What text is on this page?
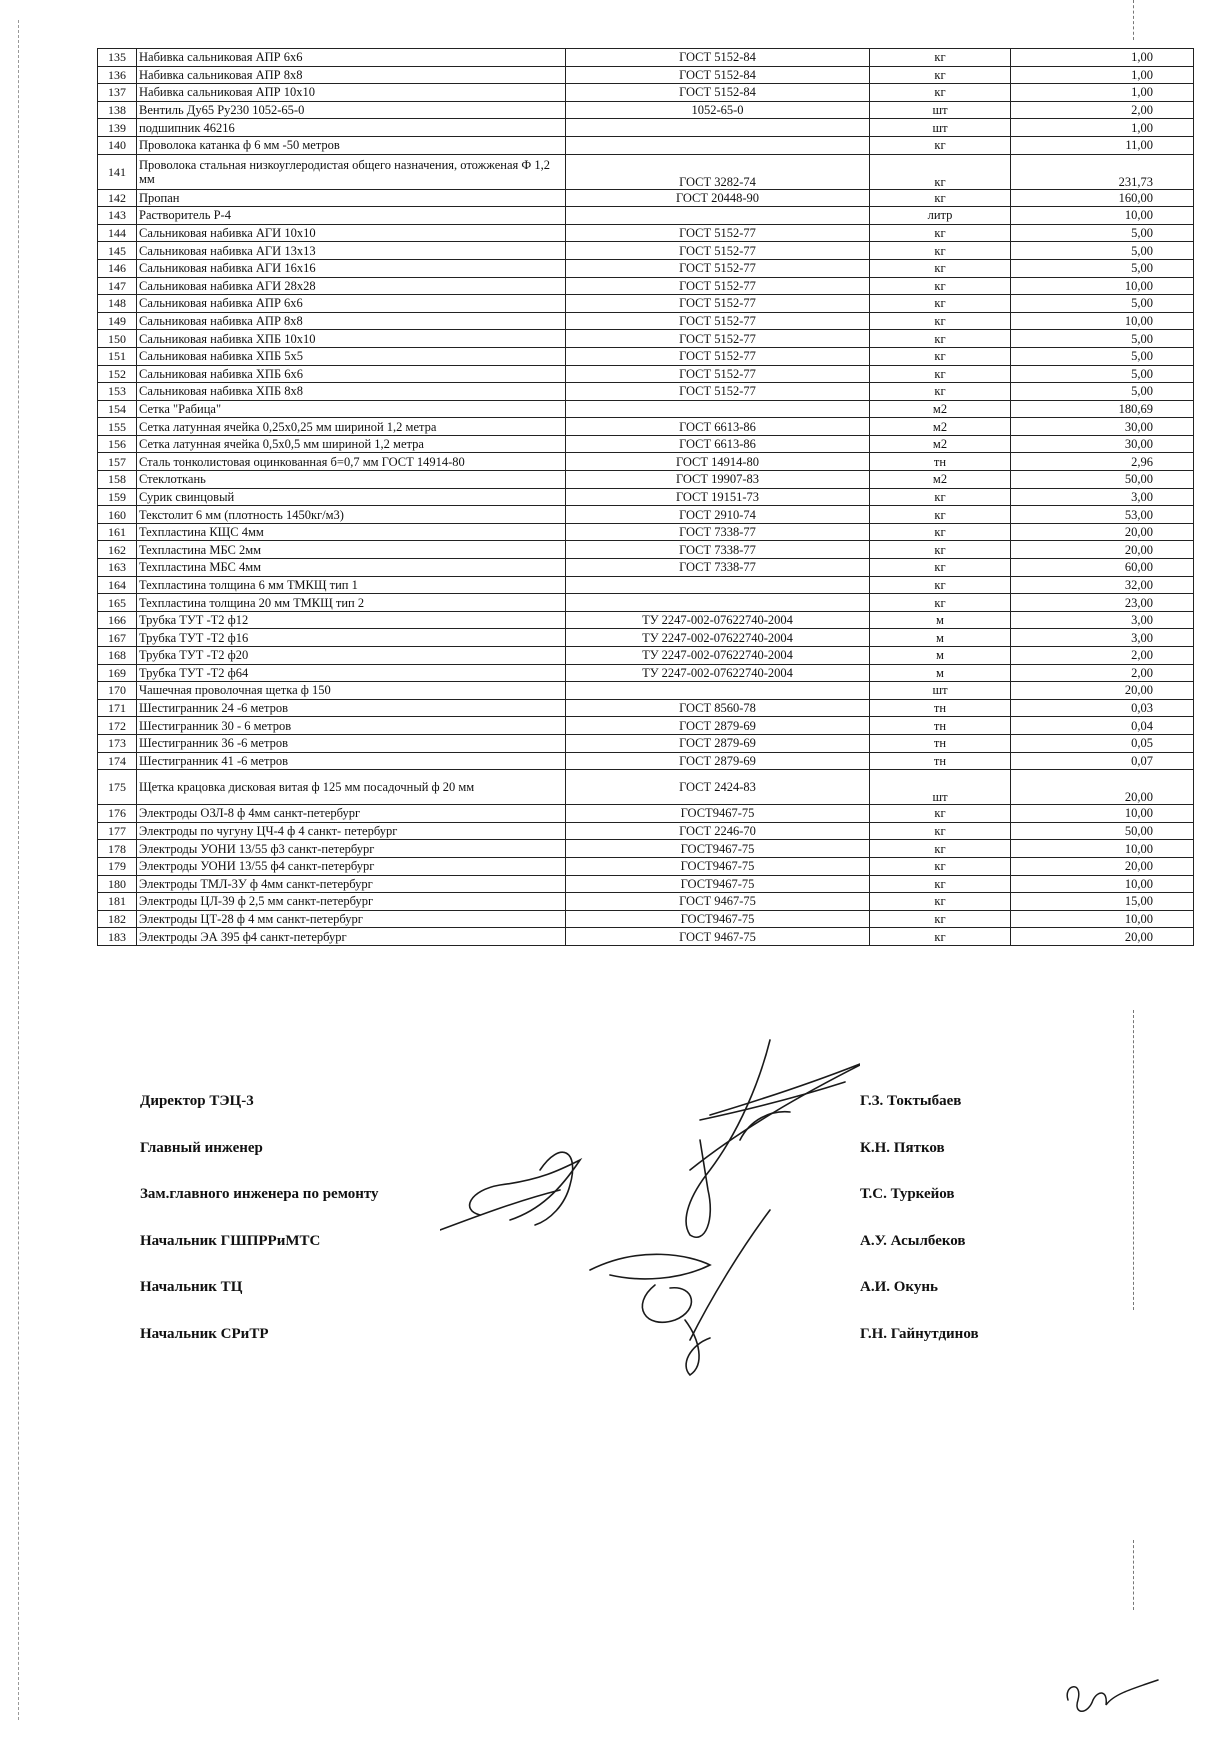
135	Набивка сальниковая АПР 6х6	ГОСТ 5152-84	кг	1,00
136	Набивка сальниковая АПР 8х8	ГОСТ 5152-84	кг	1,00
137	Набивка сальниковая АПР 10х10	ГОСТ 5152-84	кг	1,00
138	Вентиль Ду65 Ру230 1052-65-0	1052-65-0	шт	2,00
139	подшипник 46216		шт	1,00
140	Проволока катанка ф 6 мм -50 метров		кг	11,00
141	Проволока стальная низкоуглеродистая общего назначения, отожженая Ф 1,2 мм	ГОСТ 3282-74	кг	231,73
142	Пропан	ГОСТ 20448-90	кг	160,00
143	Растворитель Р-4		литр	10,00
144	Сальниковая набивка АГИ 10х10	ГОСТ 5152-77	кг	5,00
145	Сальниковая набивка АГИ 13х13	ГОСТ 5152-77	кг	5,00
146	Сальниковая набивка АГИ 16х16	ГОСТ 5152-77	кг	5,00
147	Сальниковая набивка АГИ 28х28	ГОСТ 5152-77	кг	10,00
148	Сальниковая набивка АПР 6х6	ГОСТ 5152-77	кг	5,00
149	Сальниковая набивка АПР 8х8	ГОСТ 5152-77	кг	10,00
150	Сальниковая набивка ХПБ 10х10	ГОСТ 5152-77	кг	5,00
151	Сальниковая набивка ХПБ 5х5	ГОСТ 5152-77	кг	5,00
152	Сальниковая набивка ХПБ 6х6	ГОСТ 5152-77	кг	5,00
153	Сальниковая набивка ХПБ 8х8	ГОСТ 5152-77	кг	5,00
154	Сетка "Рабица"		м2	180,69
155	Сетка латунная ячейка 0,25х0,25 мм шириной 1,2 метра	ГОСТ 6613-86	м2	30,00
156	Сетка латунная ячейка 0,5х0,5 мм шириной 1,2 метра	ГОСТ 6613-86	м2	30,00
157	Сталь тонколистовая оцинкованная б=0,7 мм ГОСТ 14914-80	ГОСТ 14914-80	тн	2,96
158	Стеклоткань	ГОСТ 19907-83	м2	50,00
159	Сурик свинцовый	ГОСТ 19151-73	кг	3,00
160	Текстолит 6 мм (плотность 1450кг/м3)	ГОСТ 2910-74	кг	53,00
161	Техпластина КЩС 4мм	ГОСТ 7338-77	кг	20,00
162	Техпластина МБС 2мм	ГОСТ 7338-77	кг	20,00
163	Техпластина МБС 4мм	ГОСТ 7338-77	кг	60,00
164	Техпластина толщина 6 мм ТМКЩ тип 1		кг	32,00
165	Техпластина толщина 20 мм ТМКЩ тип 2		кг	23,00
166	Трубка ТУТ -Т2 ф12	ТУ 2247-002-07622740-2004	м	3,00
167	Трубка ТУТ -Т2 ф16	ТУ 2247-002-07622740-2004	м	3,00
168	Трубка ТУТ -Т2 ф20	ТУ 2247-002-07622740-2004	м	2,00
169	Трубка ТУТ -Т2 ф64	ТУ 2247-002-07622740-2004	м	2,00
170	Чашечная проволочная щетка ф 150		шт	20,00
171	Шестигранник 24 -6 метров	ГОСТ 8560-78	тн	0,03
172	Шестигранник 30 - 6 метров	ГОСТ 2879-69	тн	0,04
173	Шестигранник 36 -6 метров	ГОСТ 2879-69	тн	0,05
174	Шестигранник 41 -6 метров	ГОСТ 2879-69	тн	0,07
175	Щетка крацовка дисковая витая ф 125 мм посадочный ф 20 мм	ГОСТ 2424-83	шт	20,00
176	Электроды ОЗЛ-8 ф 4мм санкт-петербург	ГОСТ9467-75	кг	10,00
177	Электроды по чугуну ЦЧ-4 ф 4 санкт- петербург	ГОСТ 2246-70	кг	50,00
178	Электроды УОНИ 13/55 ф3 санкт-петербург	ГОСТ9467-75	кг	10,00
179	Электроды УОНИ 13/55 ф4 санкт-петербург	ГОСТ9467-75	кг	20,00
180	Электроды ТМЛ-3У ф 4мм санкт-петербург	ГОСТ9467-75	кг	10,00
181	Электроды ЦЛ-39 ф 2,5 мм санкт-петербург	ГОСТ 9467-75	кг	15,00
182	Электроды ЦТ-28 ф 4 мм санкт-петербург	ГОСТ9467-75	кг	10,00
183	Электроды ЭА 395 ф4 санкт-петербург	ГОСТ 9467-75	кг	20,00
Директор ТЭЦ-3	Г.З. Токтыбаев
Главный инженер	К.Н. Пятков
Зам.главного инженера по ремонту	Т.С. Туркейов
Начальник ГШПРРиМТС	А.У. Асылбеков
Начальник ТЦ	А.И. Окунь
Начальник СРиТР	Г.Н. Гайнутдинов
